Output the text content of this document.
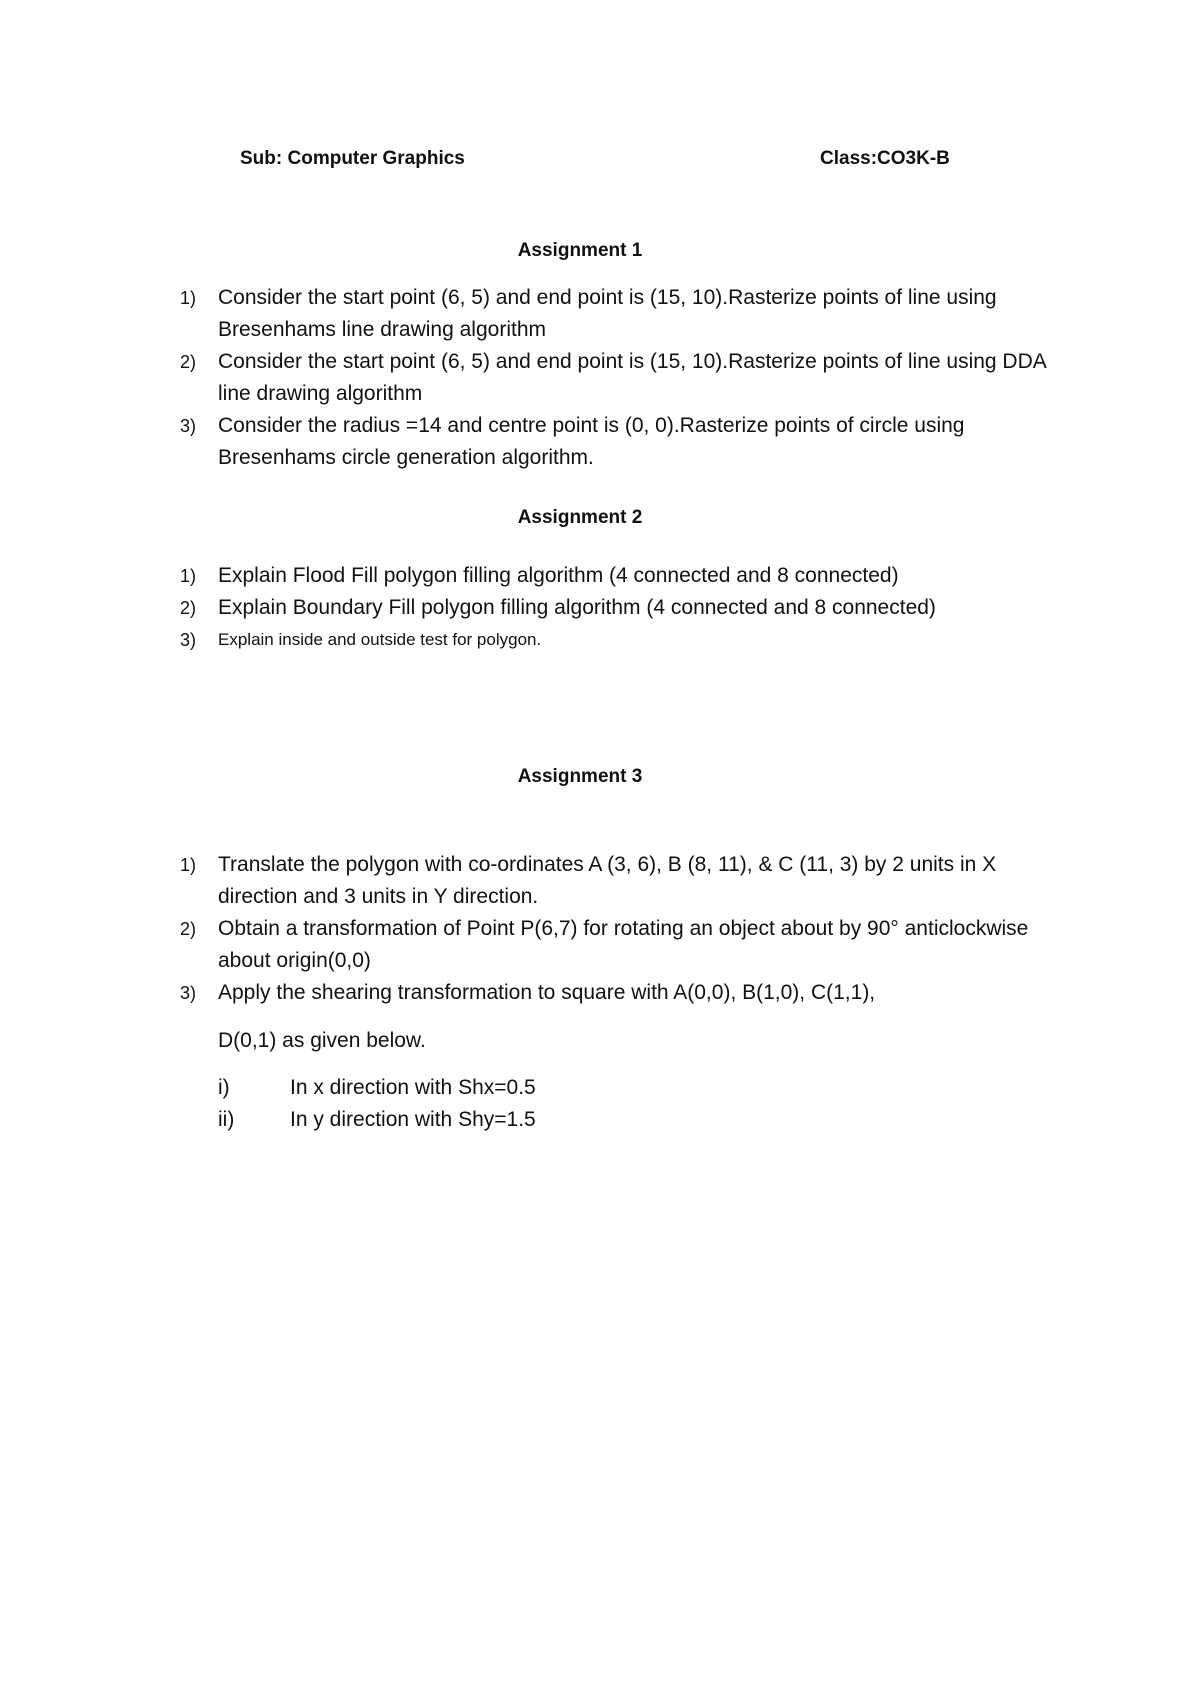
Sub: Computer Graphics	Class:CO3K-B
Assignment 1
1) Consider the start point (6, 5) and end point is (15, 10).Rasterize points of line using Bresenhams line drawing algorithm
2) Consider the start point (6, 5) and end point is (15, 10).Rasterize points of line using DDA line drawing algorithm
3) Consider the radius =14 and centre point is (0, 0).Rasterize points of circle using Bresenhams circle generation algorithm.
Assignment 2
1) Explain Flood Fill polygon filling algorithm (4 connected and 8 connected)
2) Explain Boundary Fill polygon filling algorithm (4 connected and 8 connected)
3) Explain inside and outside test for polygon.
Assignment 3
1) Translate the polygon with co-ordinates A (3, 6), B (8, 11), & C (11, 3) by 2 units in X direction and 3 units in Y direction.
2) Obtain a transformation of Point P(6,7) for rotating an object about by 90° anticlockwise about origin(0,0)
3) Apply the shearing transformation to square with A(0,0), B(1,0), C(1,1),
D(0,1) as given below.
i)	In x direction with Shx=0.5
ii)	In y direction with Shy=1.5
